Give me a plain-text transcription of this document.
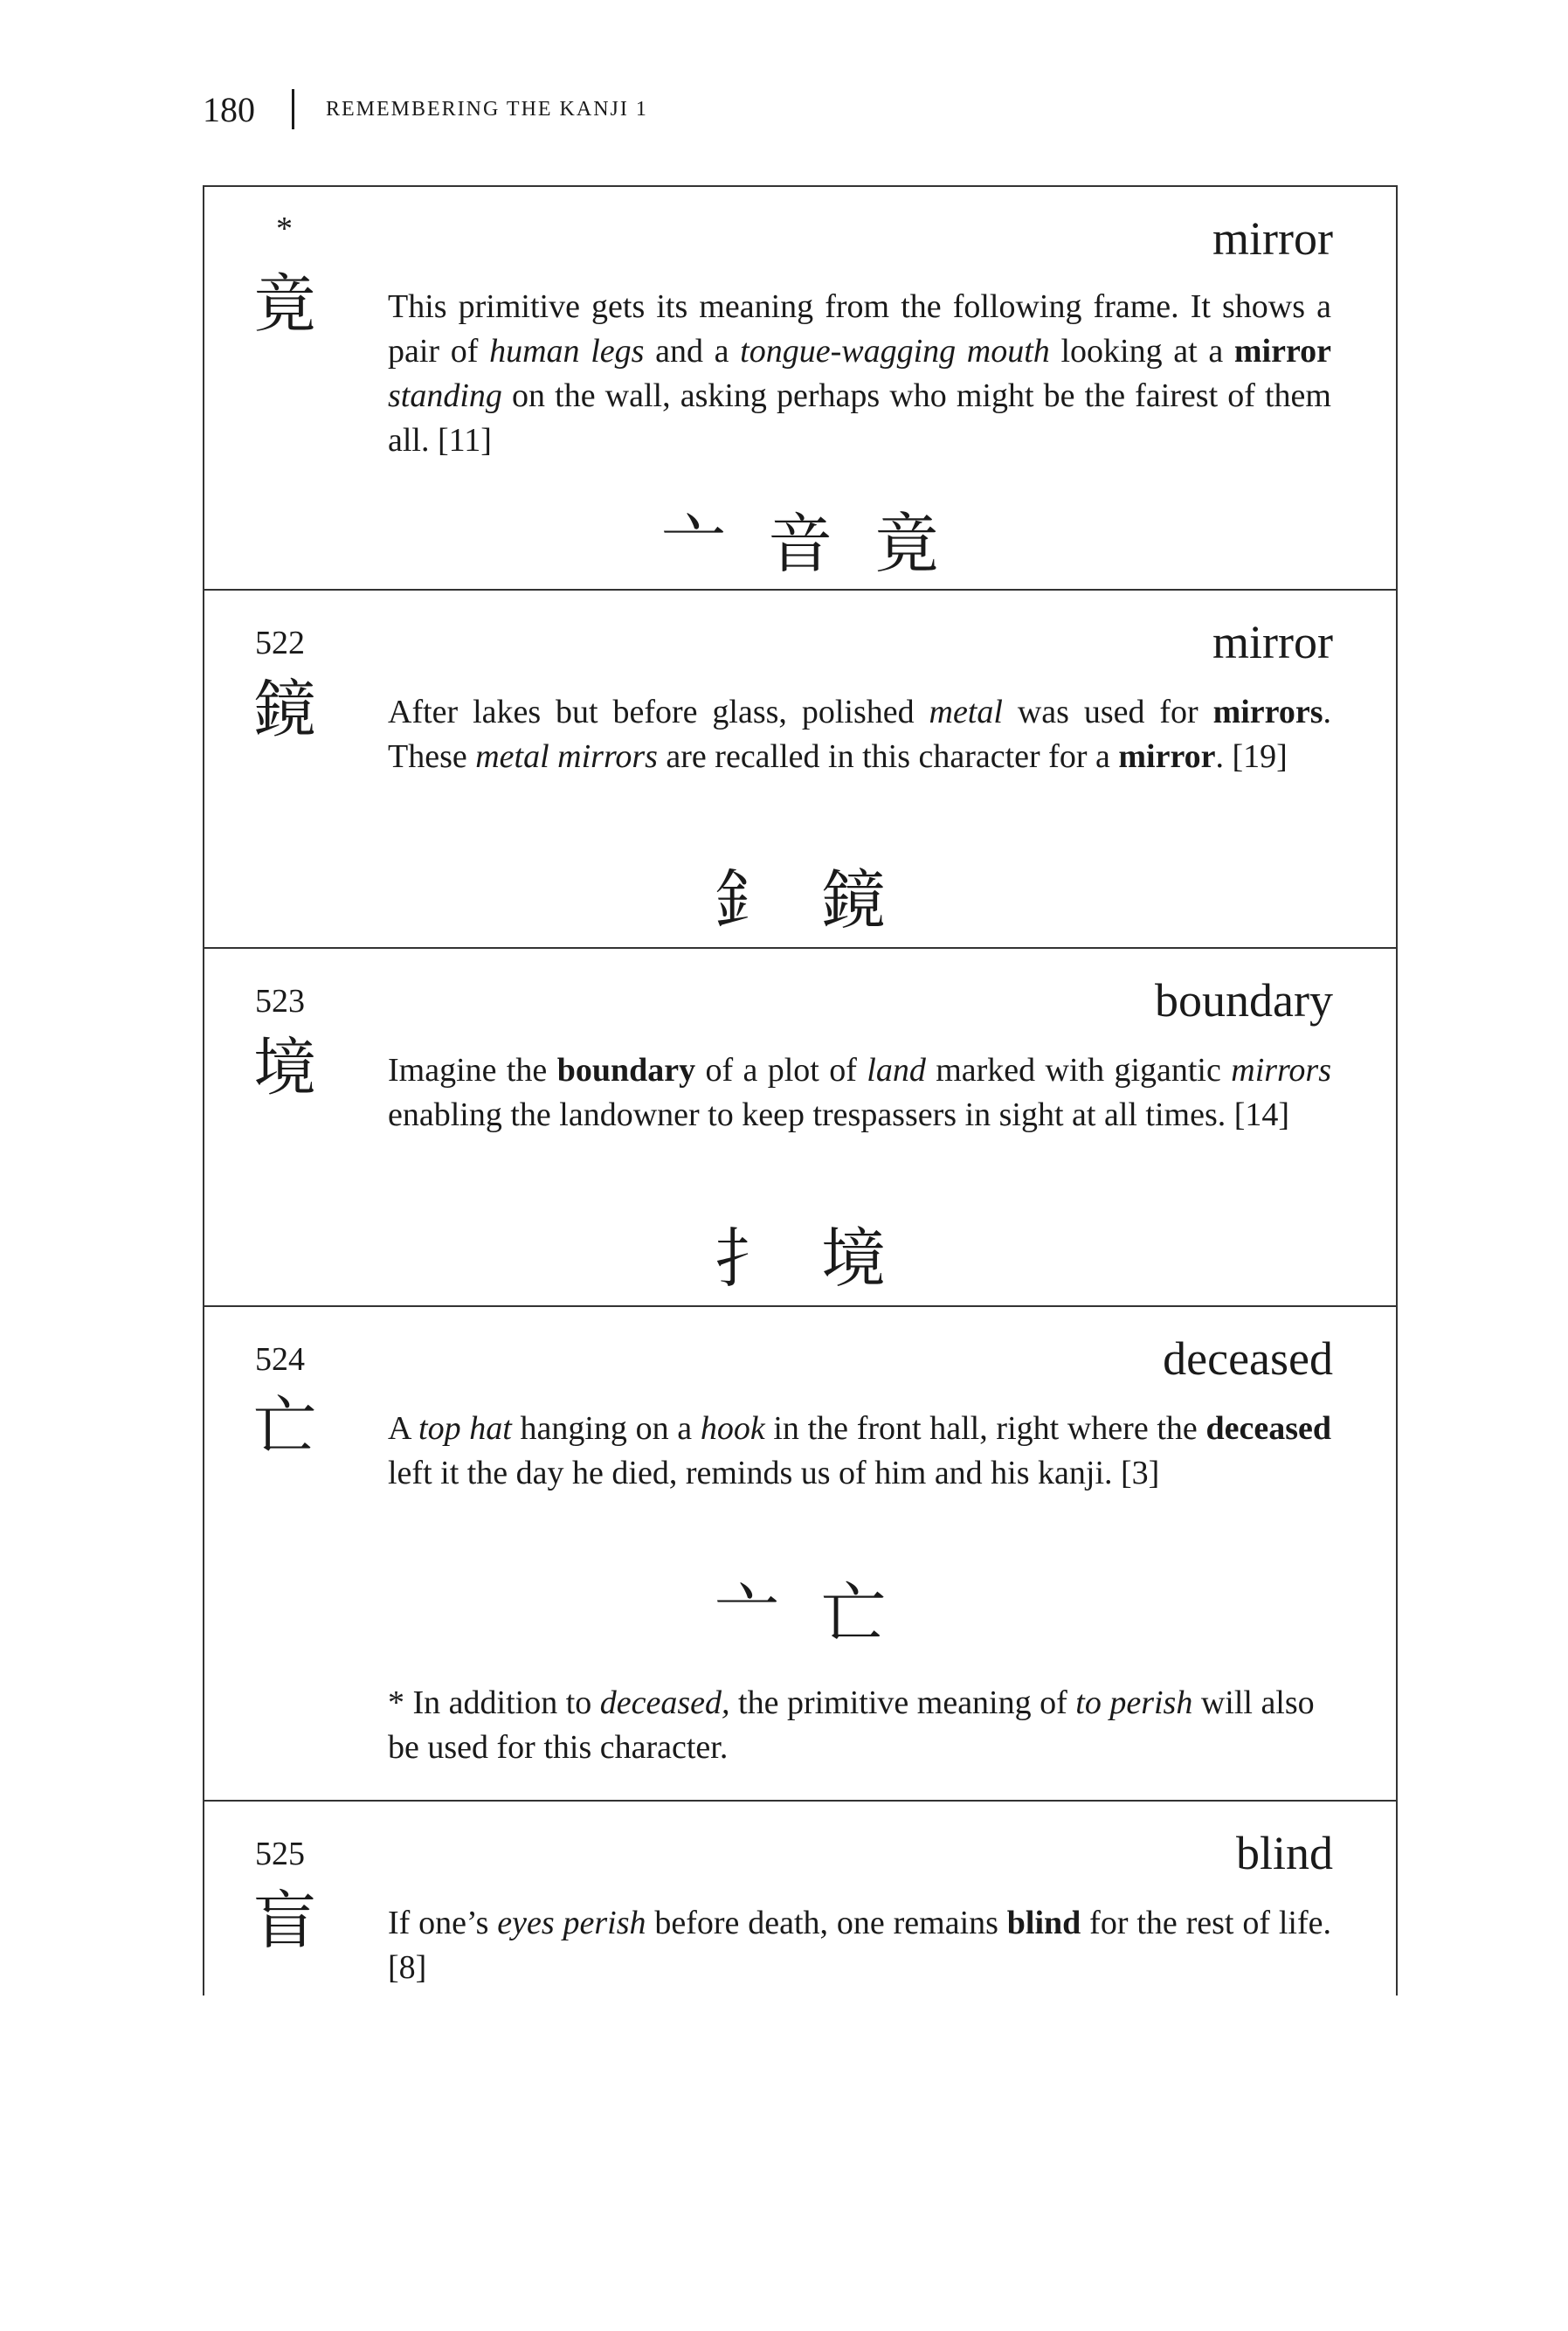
180	REMEMBERING THE KANJI 1
*
竟
mirror
This primitive gets its meaning from the following frame. It shows a pair of human legs and a tongue-wagging mouth looking at a mirror standing on the wall, asking perhaps who might be the fairest of them all. [11]
亠 音 竟
522
鏡
mirror
After lakes but before glass, polished metal was used for mirrors. These metal mirrors are recalled in this character for a mirror. [19]
釒 鏡
523
境
boundary
Imagine the boundary of a plot of land marked with gigantic mirrors enabling the landowner to keep trespassers in sight at all times. [14]
扌 境
524
亡
deceased
A top hat hanging on a hook in the front hall, right where the deceased left it the day he died, reminds us of him and his kanji. [3]
亠 亡
* In addition to deceased, the primitive meaning of to perish will also be used for this character.
525
盲
blind
If one’s eyes perish before death, one remains blind for the rest of life. [8]
